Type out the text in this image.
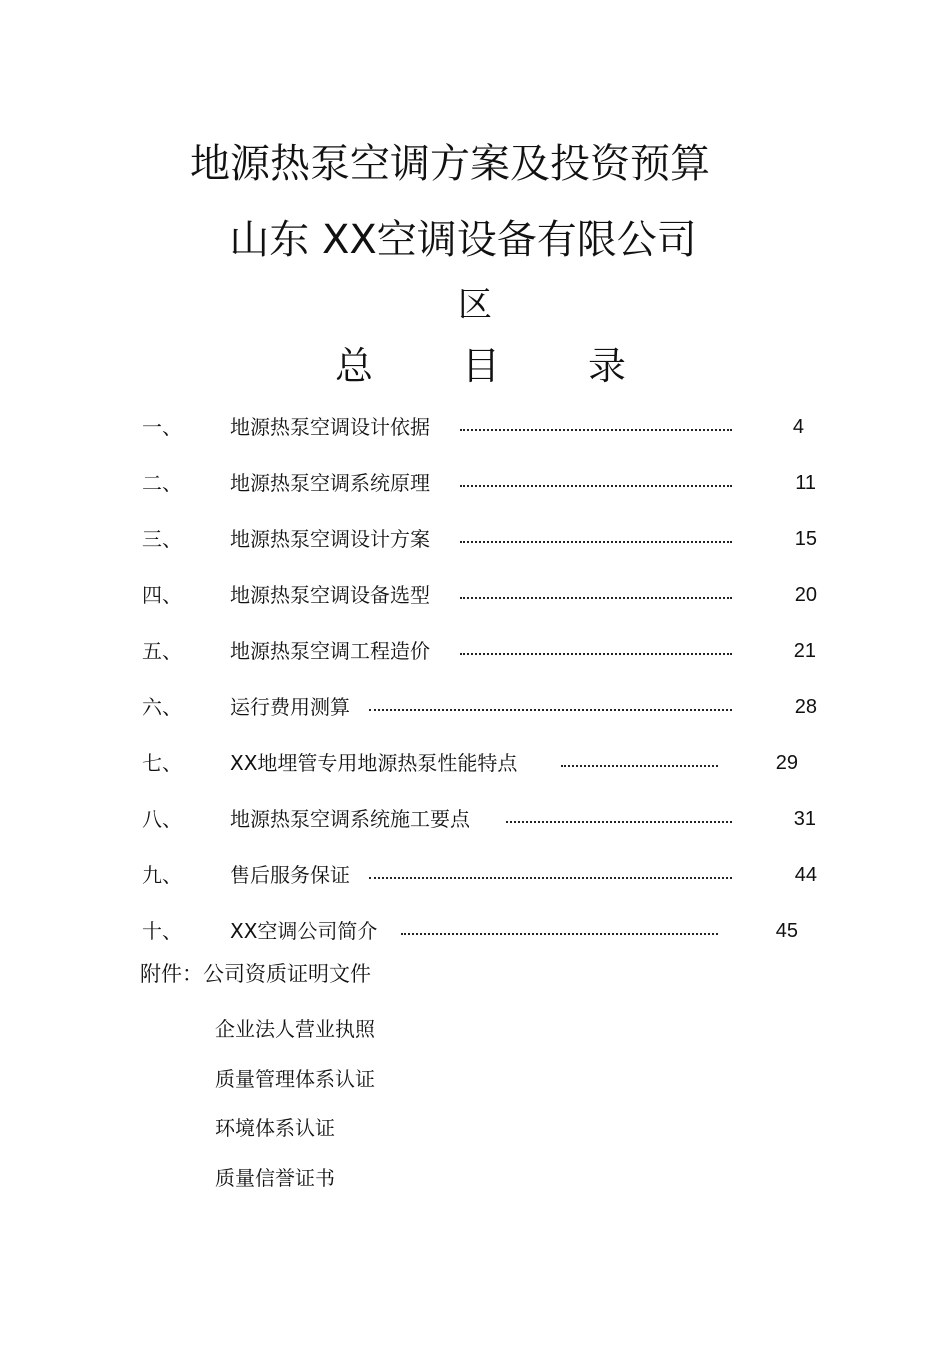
地源热泵空调方案及投资预算
山东 XX空调设备有限公司
区
总 目 录
一、 地源热泵空调设计依据	4
二、 地源热泵空调系统原理	11
三、 地源热泵空调设计方案	15
四、 地源热泵空调设备选型	20
五、 地源热泵空调工程造价	21
六、 运行费用测算	28
七、 XX地埋管专用地源热泵性能特点	29
八、 地源热泵空调系统施工要点	31
九、 售后服务保证	44
十、 XX空调公司简介	45
附件：公司资质证明文件
企业法人营业执照
质量管理体系认证
环境体系认证
质量信誉证书
